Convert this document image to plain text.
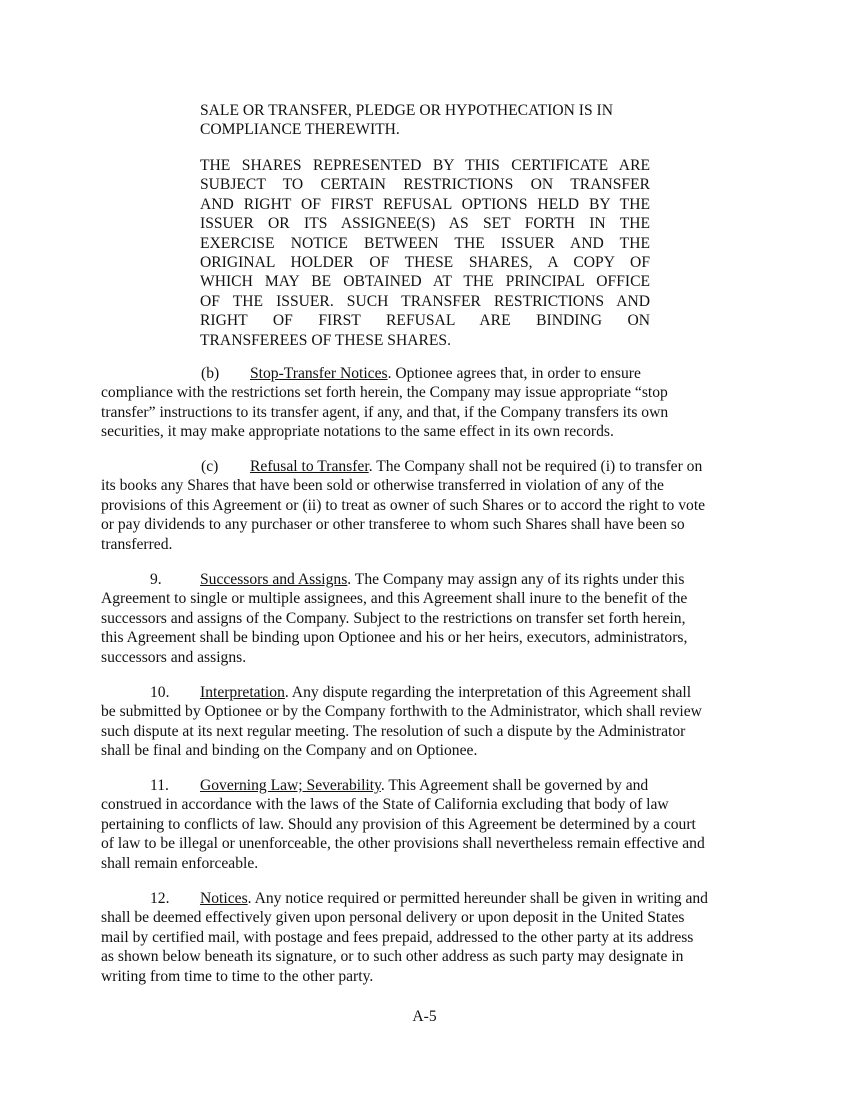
SALE OR TRANSFER, PLEDGE OR HYPOTHECATION IS IN
COMPLIANCE THEREWITH.

THE SHARES REPRESENTED BY THIS CERTIFICATE ARE
SUBJECT TO CERTAIN RESTRICTIONS ON TRANSFER
AND RIGHT OF FIRST REFUSAL OPTIONS HELD BY THE
ISSUER OR ITS ASSIGNEE(S) AS SET FORTH IN THE
EXERCISE NOTICE BETWEEN THE ISSUER AND THE
ORIGINAL HOLDER OF THESE SHARES, A COPY OF
WHICH MAY BE OBTAINED AT THE PRINCIPAL OFFICE
OF THE ISSUER. SUCH TRANSFER RESTRICTIONS AND
RIGHT OF FIRST REFUSAL ARE BINDING ON
TRANSFEREES OF THESE SHARES.

(b) Stop-Transfer Notices. Optionee agrees that, in order to ensure
compliance with the restrictions set forth herein, the Company may issue appropriate “stop
transfer” instructions to its transfer agent, if any, and that, if the Company transfers its own
securities, it may make appropriate notations to the same effect in its own records.

(c) Refusal to Transfer. The Company shall not be required (i) to transfer on
its books any Shares that have been sold or otherwise transferred in violation of any of the
provisions of this Agreement or (ii) to treat as owner of such Shares or to accord the right to vote
or pay dividends to any purchaser or other transferee to whom such Shares shall have been so
transferred.

9. Successors and Assigns. The Company may assign any of its rights under this
Agreement to single or multiple assignees, and this Agreement shall inure to the benefit of the
successors and assigns of the Company. Subject to the restrictions on transfer set forth herein,
this Agreement shall be binding upon Optionee and his or her heirs, executors, administrators,
successors and assigns.

10. Interpretation. Any dispute regarding the interpretation of this Agreement shall
be submitted by Optionee or by the Company forthwith to the Administrator, which shall review
such dispute at its next regular meeting. The resolution of such a dispute by the Administrator
shall be final and binding on the Company and on Optionee.

11. Governing Law; Severability. This Agreement shall be governed by and
construed in accordance with the laws of the State of California excluding that body of law
pertaining to conflicts of law. Should any provision of this Agreement be determined by a court
of law to be illegal or unenforceable, the other provisions shall nevertheless remain effective and
shall remain enforceable.

12. Notices. Any notice required or permitted hereunder shall be given in writing and
shall be deemed effectively given upon personal delivery or upon deposit in the United States
mail by certified mail, with postage and fees prepaid, addressed to the other party at its address
as shown below beneath its signature, or to such other address as such party may designate in
writing from time to time to the other party.

A-5
